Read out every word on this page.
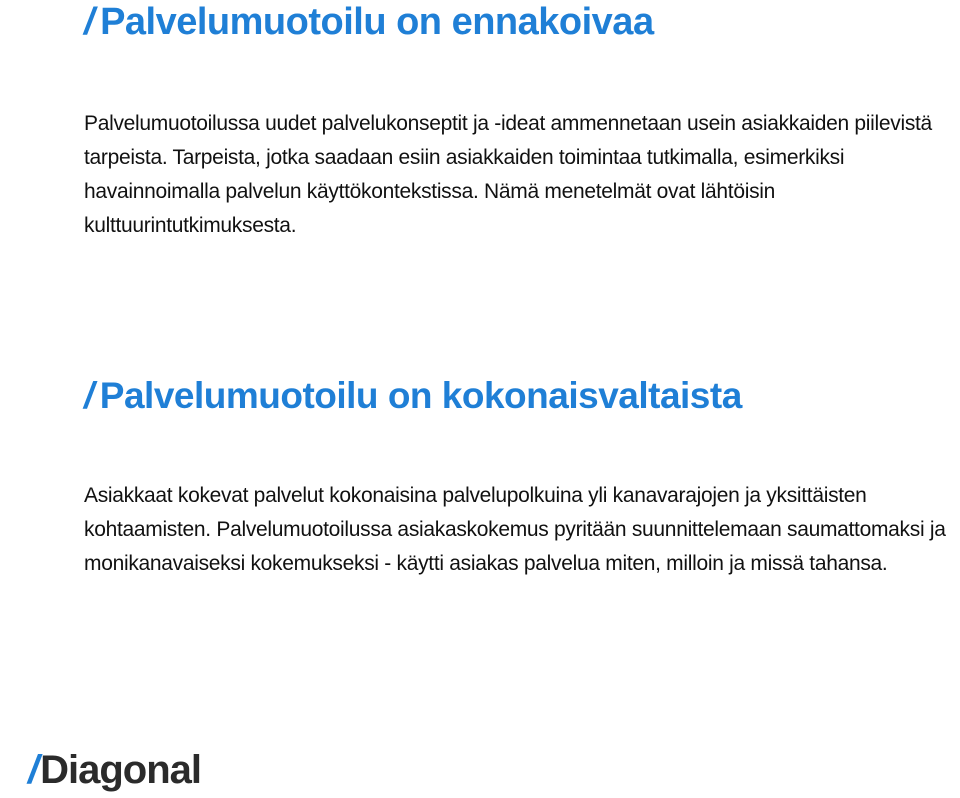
/ Palvelumuotoilu on ennakoivaa

Palvelumuotoilussa uudet palvelukonseptit ja -ideat ammennetaan usein asiakkaiden piilevistä tarpeista. Tarpeista, jotka saadaan esiin asiakkaiden toimintaa tutkimalla, esimerkiksi havainnoimalla palvelun käyttökontekstissa. Nämä menetelmät ovat lähtöisin kulttuurintutkimuksesta.

/ Palvelumuotoilu on kokonaisvaltaista

Asiakkaat kokevat palvelut kokonaisina palvelupolkuina yli kanavarajojen ja yksittäisten kohtaamisten. Palvelumuotoilussa asiakaskokemus pyritään suunnittelemaan saumattomaksi ja monikanavaiseksi kokemukseksi - käytti asiakas palvelua miten, milloin ja missä tahansa.

/ Diagonal
